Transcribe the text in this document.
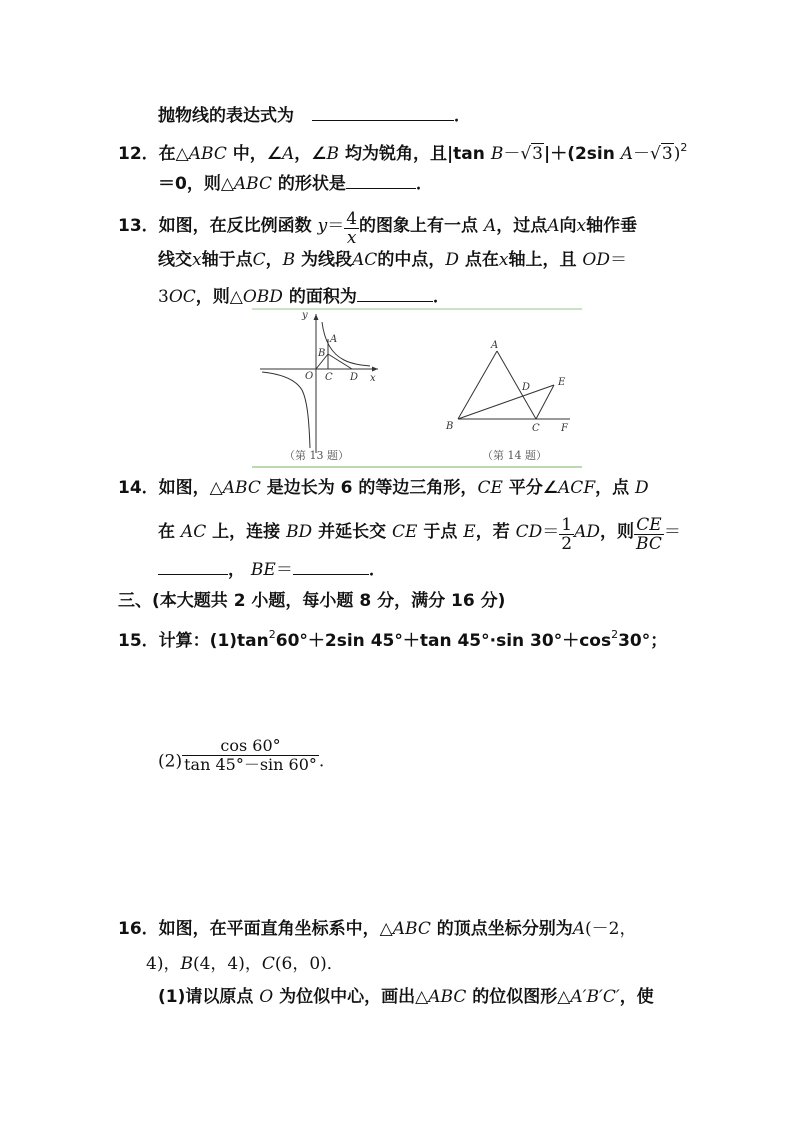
抛物线的表达式为	．
12．在△ABC 中，∠A，∠B 均为锐角，且|tan B－√3|＋(2sin A－√3)$^2$
＝0，则△ABC 的形状是	．
13．如图，在反比例函数 $y= \frac{4}{x}$ 的图象上有一点 A，过点A向x轴作垂
线交x轴于点C，B 为线段AC的中点，D 点在x轴上，且 OD＝
3OC，则△OBD 的面积为	．
y
x
O
A
B
C D
（第 13 题）
A
B	C
D	E
F
（第 14 题）
14．如图，△ABC 是边长为 6 的等边三角形，CE 平分∠ACF，点 D
在 AC 上，连接 BD 并延长交 CE 于点 E，若 $CD= \frac{1}{2}$ AD，则 $\frac{CE}{BC}$ ＝
， BE＝	．
三、(本大题共 2 小题，每小题 8 分，满分 16 分)
15．计算：$(1)\tan^260^\circ+2\sin$ 45°＋tan 45°·sin $30^\circ+\cos^230^\circ$；
$(2) \frac{\cos 60^\circ}{\tan 45^\circ-\sin 60^\circ}$ .
16．如图，在平面直角坐标系中，△ABC 的顶点坐标分别为A(－2，
4)，B(4，4)，C(6，0)．
(1)请以原点 O 为位似中心，画出△ABC 的位似图形△A′B′C′，使
